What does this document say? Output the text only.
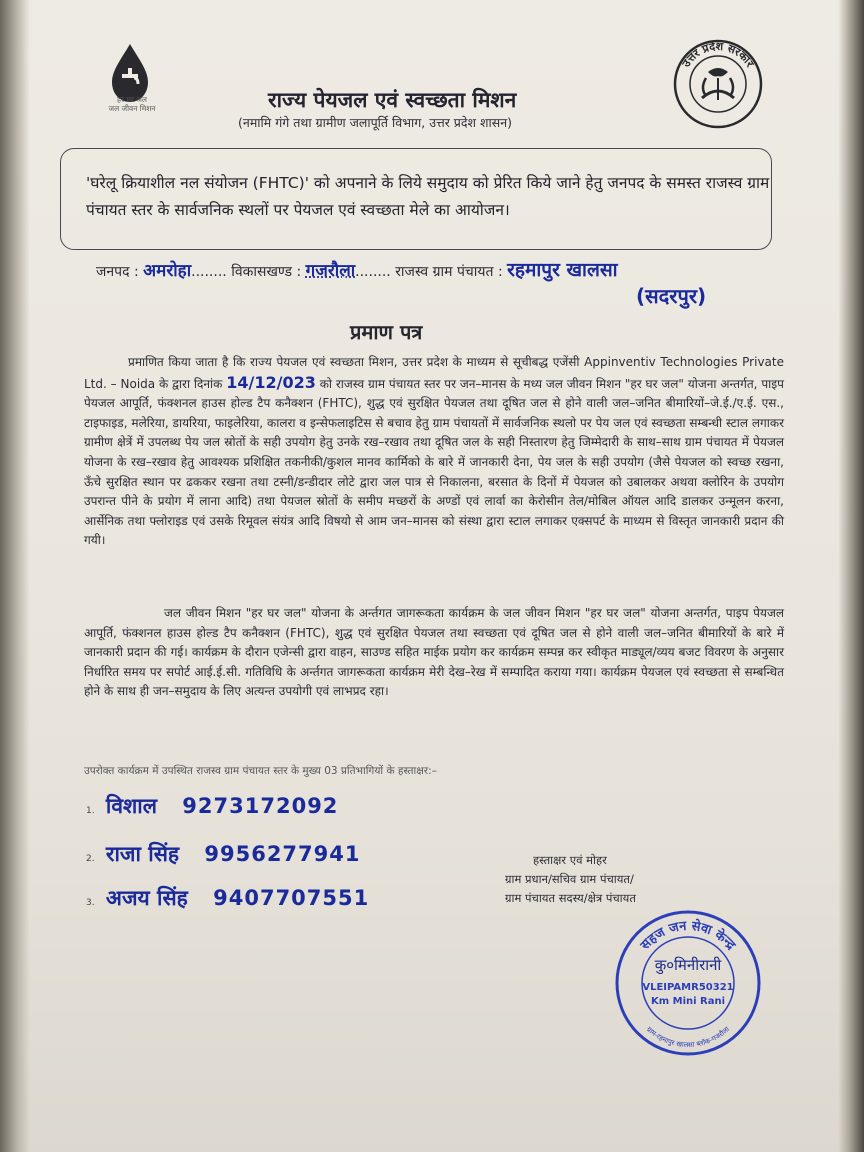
हर घर जल
जल जीवन मिशन	राज्य पेयजल एवं स्वच्छता मिशन
(नमामि गंगे तथा ग्रामीण जलापूर्ति विभाग, उत्तर प्रदेश शासन)
उत्तर प्रदेश सरकार
'घरेलू क्रियाशील नल संयोजन (FHTC)' को अपनाने के लिये समुदाय को प्रेरित किये जाने हेतु जनपद के समस्त राजस्व ग्राम पंचायत स्तर के सार्वजनिक स्थलों पर पेयजल एवं स्वच्छता मेले का आयोजन।
जनपद : अमरोहा........ विकासखण्ड : गजरौला........ राजस्व ग्राम पंचायत : रहमापुर खालसा
(सदरपुर)
प्रमाण पत्र
प्रमाणित किया जाता है कि राज्य पेयजल एवं स्वच्छता मिशन, उत्तर प्रदेश के माध्यम से सूचीबद्ध एजेंसी Appinventiv Technologies Private Ltd. – Noida के द्वारा दिनांक 14/12/023 को राजस्व ग्राम पंचायत स्तर पर जन–मानस के मध्य जल जीवन मिशन "हर घर जल" योजना अन्तर्गत, पाइप पेयजल आपूर्ति, फंक्शनल हाउस होल्ड टैप कनैक्शन (FHTC), शुद्ध एवं सुरक्षित पेयजल तथा दूषित जल से होने वाली जल–जनित बीमारियों–जे.ई./ए.ई. एस., टाइफाइड, मलेरिया, डायरिया, फाइलेरिया, कालरा व इन्सेफलाइटिस से बचाव हेतु ग्राम पंचायतों में सार्वजनिक स्थलो पर पेय जल एवं स्वच्छता सम्बन्धी स्टाल लगाकर ग्रामीण क्षेत्रें में उपलब्ध पेय जल स्रोतों के सही उपयोग हेतु उनके रख–रखाव तथा दूषित जल के सही निस्तारण हेतु जिम्मेदारी के साथ–साथ ग्राम पंचायत में पेयजल योजना के रख–रखाव हेतु आवश्यक प्रशिक्षित तकनीकी/कुशल मानव कार्मिको के बारे में जानकारी देना, पेय जल के सही उपयोग (जैसे पेयजल को स्वच्छ रखना, ऊँचे सुरक्षित स्थान पर ढककर रखना तथा टस्नी/डन्डीदार लोटे द्वारा जल पात्र से निकालना, बरसात के दिनों में पेयजल को उबालकर अथवा क्लोरिन के उपयोग उपरान्त पीने के प्रयोग में लाना आदि) तथा पेयजल स्रोतों के समीप मच्छरों के अण्डों एवं लार्वा का केरोसीन तेल/मोबिल ऑयल आदि डालकर उन्मूलन करना, आर्सेनिक तथा फ्लोराइड एवं उसके रिमूवल संयंत्र आदि विषयो से आम जन–मानस को संस्था द्वारा स्टाल लगाकर एक्सपर्ट के माध्यम से विस्तृत जानकारी प्रदान की गयी।
जल जीवन मिशन "हर घर जल" योजना के अर्न्तगत जागरूकता कार्यक्रम के जल जीवन मिशन "हर घर जल" योजना अन्तर्गत, पाइप पेयजल आपूर्ति, फंक्शनल हाउस होल्ड टैप कनैक्शन (FHTC), शुद्ध एवं सुरक्षित पेयजल तथा स्वच्छता एवं दूषित जल से होने वाली जल–जनित बीमारियों के बारे में जानकारी प्रदान की गई। कार्यक्रम के दौरान एजेन्सी द्वारा वाहन, साउण्ड सहित माईक प्रयोग कर कार्यक्रम सम्पन्न कर स्वीकृत माड्यूल/व्यय बजट विवरण के अनुसार निर्धारित समय पर सपोर्ट आई.ई.सी. गतिविधि के अर्न्तगत जागरूकता कार्यक्रम मेरी देख–रेख में सम्पादित कराया गया। कार्यक्रम पेयजल एवं स्वच्छता से सम्बन्धित होने के साथ ही जन–समुदाय के लिए अत्यन्त उपयोगी एवं लाभप्रद रहा।
उपरोक्त कार्यक्रम में उपस्थित राजस्व ग्राम पंचायत स्तर के मुख्य 03 प्रतिभागियों के हस्ताक्षर:–
1. विशाल 9273172092
2. राजा सिंह 9956277941
3. अजय सिंह 9407707551
हस्ताक्षर एवं मोहर
ग्राम प्रधान/सचिव ग्राम पंचायत/
ग्राम पंचायत सदस्य/क्षेत्र पंचायत
सहज जन सेवा केन्द्र
ग्राम-रहमापुर खालसा ब्लॉक-गजरौला
कु०मिनीरानी
VLEIPAMR50321
Km Mini Rani
